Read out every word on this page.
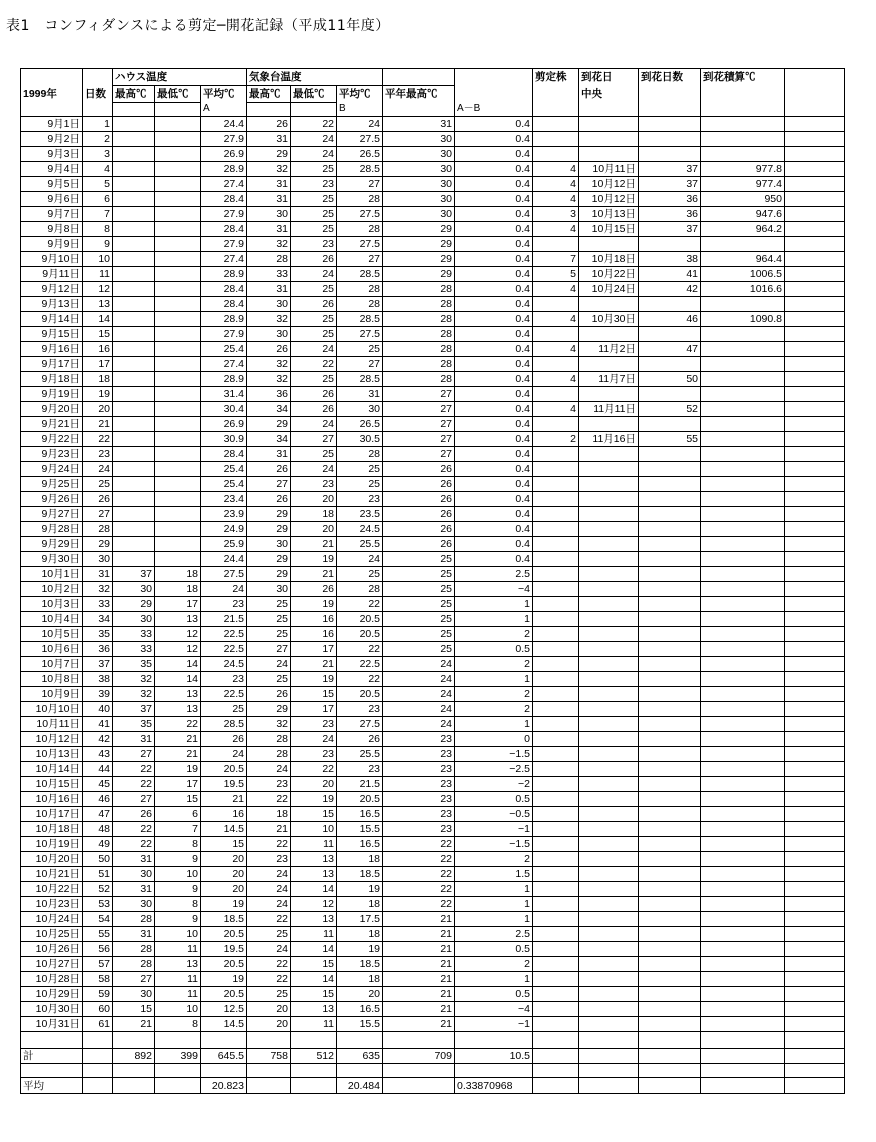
表1　コンフィダンスによる剪定─開花記録（平成11年度）
		ハウス温度			気象台温度					剪定株	到花日	到花日数	到花積算℃	
1999年	日数	最高℃	最低℃	平均℃	最高℃	最低℃	平均℃	平年最高℃			中央			
				A			B		A－B					
9月1日	1			24.4	26	22	24	31	0.4					
9月2日	2			27.9	31	24	27.5	30	0.4					
9月3日	3			26.9	29	24	26.5	30	0.4					
9月4日	4			28.9	32	25	28.5	30	0.4	4	10月11日	37	977.8	
9月5日	5			27.4	31	23	27	30	0.4	4	10月12日	37	977.4	
9月6日	6			28.4	31	25	28	30	0.4	4	10月12日	36	950	
9月7日	7			27.9	30	25	27.5	30	0.4	3	10月13日	36	947.6	
9月8日	8			28.4	31	25	28	29	0.4	4	10月15日	37	964.2	
9月9日	9			27.9	32	23	27.5	29	0.4					
9月10日	10			27.4	28	26	27	29	0.4	7	10月18日	38	964.4	
9月11日	11			28.9	33	24	28.5	29	0.4	5	10月22日	41	1006.5	
9月12日	12			28.4	31	25	28	28	0.4	4	10月24日	42	1016.6	
9月13日	13			28.4	30	26	28	28	0.4					
9月14日	14			28.9	32	25	28.5	28	0.4	4	10月30日	46	1090.8	
9月15日	15			27.9	30	25	27.5	28	0.4					
9月16日	16			25.4	26	24	25	28	0.4	4	11月2日	47		
9月17日	17			27.4	32	22	27	28	0.4					
9月18日	18			28.9	32	25	28.5	28	0.4	4	11月7日	50		
9月19日	19			31.4	36	26	31	27	0.4					
9月20日	20			30.4	34	26	30	27	0.4	4	11月11日	52		
9月21日	21			26.9	29	24	26.5	27	0.4					
9月22日	22			30.9	34	27	30.5	27	0.4	2	11月16日	55		
9月23日	23			28.4	31	25	28	27	0.4					
9月24日	24			25.4	26	24	25	26	0.4					
9月25日	25			25.4	27	23	25	26	0.4					
9月26日	26			23.4	26	20	23	26	0.4					
9月27日	27			23.9	29	18	23.5	26	0.4					
9月28日	28			24.9	29	20	24.5	26	0.4					
9月29日	29			25.9	30	21	25.5	26	0.4					
9月30日	30			24.4	29	19	24	25	0.4					
10月1日	31	37	18	27.5	29	21	25	25	2.5					
10月2日	32	30	18	24	30	26	28	25	−4					
10月3日	33	29	17	23	25	19	22	25	1					
10月4日	34	30	13	21.5	25	16	20.5	25	1					
10月5日	35	33	12	22.5	25	16	20.5	25	2					
10月6日	36	33	12	22.5	27	17	22	25	0.5					
10月7日	37	35	14	24.5	24	21	22.5	24	2					
10月8日	38	32	14	23	25	19	22	24	1					
10月9日	39	32	13	22.5	26	15	20.5	24	2					
10月10日	40	37	13	25	29	17	23	24	2					
10月11日	41	35	22	28.5	32	23	27.5	24	1					
10月12日	42	31	21	26	28	24	26	23	0					
10月13日	43	27	21	24	28	23	25.5	23	−1.5					
10月14日	44	22	19	20.5	24	22	23	23	−2.5					
10月15日	45	22	17	19.5	23	20	21.5	23	−2					
10月16日	46	27	15	21	22	19	20.5	23	0.5					
10月17日	47	26	6	16	18	15	16.5	23	−0.5					
10月18日	48	22	7	14.5	21	10	15.5	23	−1					
10月19日	49	22	8	15	22	11	16.5	22	−1.5					
10月20日	50	31	9	20	23	13	18	22	2					
10月21日	51	30	10	20	24	13	18.5	22	1.5					
10月22日	52	31	9	20	24	14	19	22	1					
10月23日	53	30	8	19	24	12	18	22	1					
10月24日	54	28	9	18.5	22	13	17.5	21	1					
10月25日	55	31	10	20.5	25	11	18	21	2.5					
10月26日	56	28	11	19.5	24	14	19	21	0.5					
10月27日	57	28	13	20.5	22	15	18.5	21	2					
10月28日	58	27	11	19	22	14	18	21	1					
10月29日	59	30	11	20.5	25	15	20	21	0.5					
10月30日	60	15	10	12.5	20	13	16.5	21	−4					
10月31日	61	21	8	14.5	20	11	15.5	21	−1					

計		892	399	645.5	758	512	635	709	10.5					

平均				20.823			20.484		0.33870968					
